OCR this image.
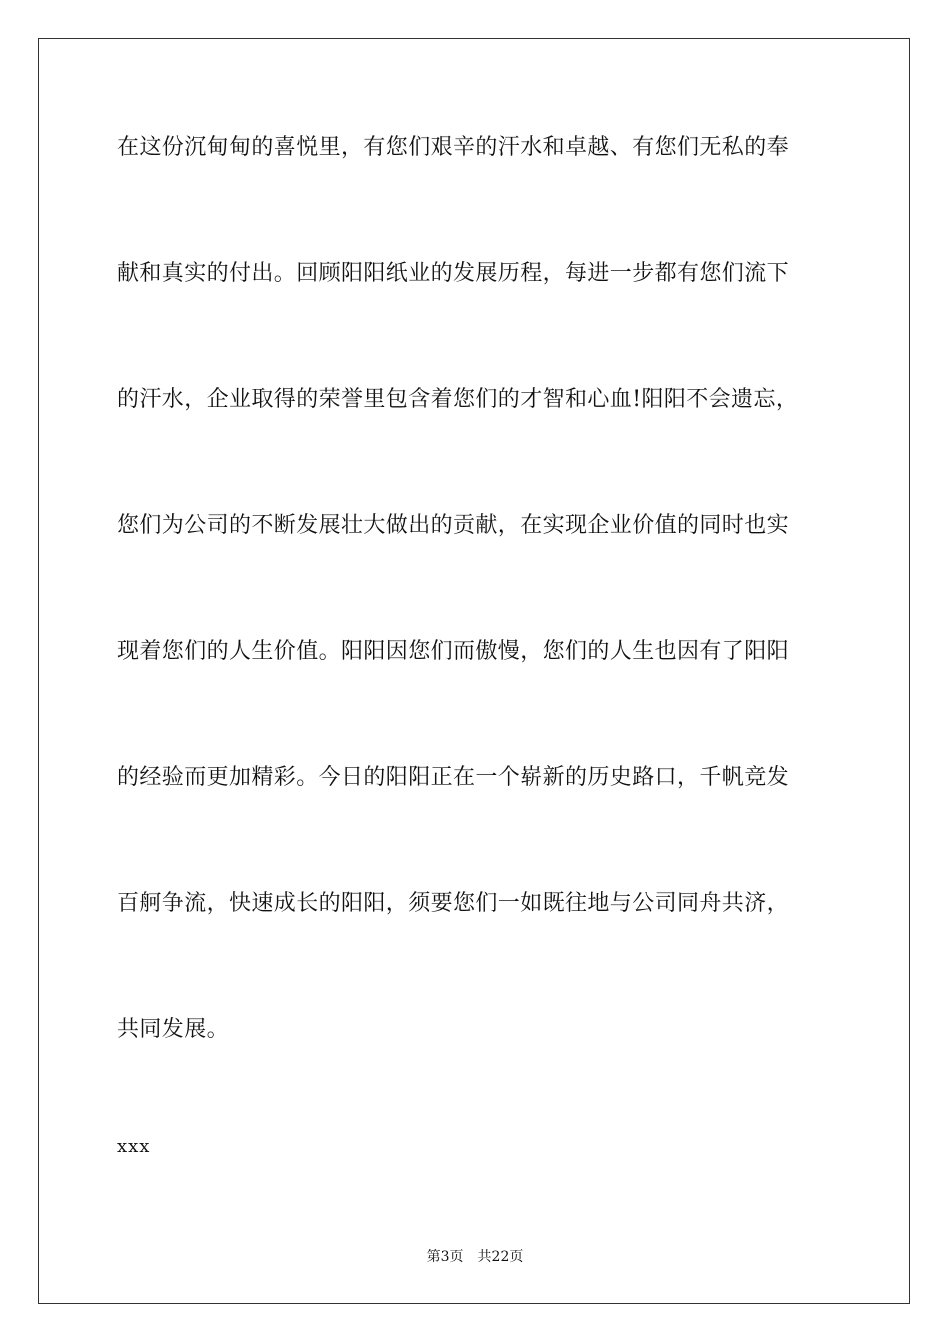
在这份沉甸甸的喜悦里，有您们艰辛的汗水和卓越、有您们无私的奉
献和真实的付出。回顾阳阳纸业的发展历程，每进一步都有您们流下
的汗水，企业取得的荣誉里包含着您们的才智和心血!阳阳不会遗忘，
您们为公司的不断发展壮大做出的贡献，在实现企业价值的同时也实
现着您们的人生价值。阳阳因您们而傲慢，您们的人生也因有了阳阳
的经验而更加精彩。今日的阳阳正在一个崭新的历史路口，千帆竞发
百舸争流，快速成长的阳阳，须要您们一如既往地与公司同舟共济，
共同发展。
xxx
第3页 共22页
